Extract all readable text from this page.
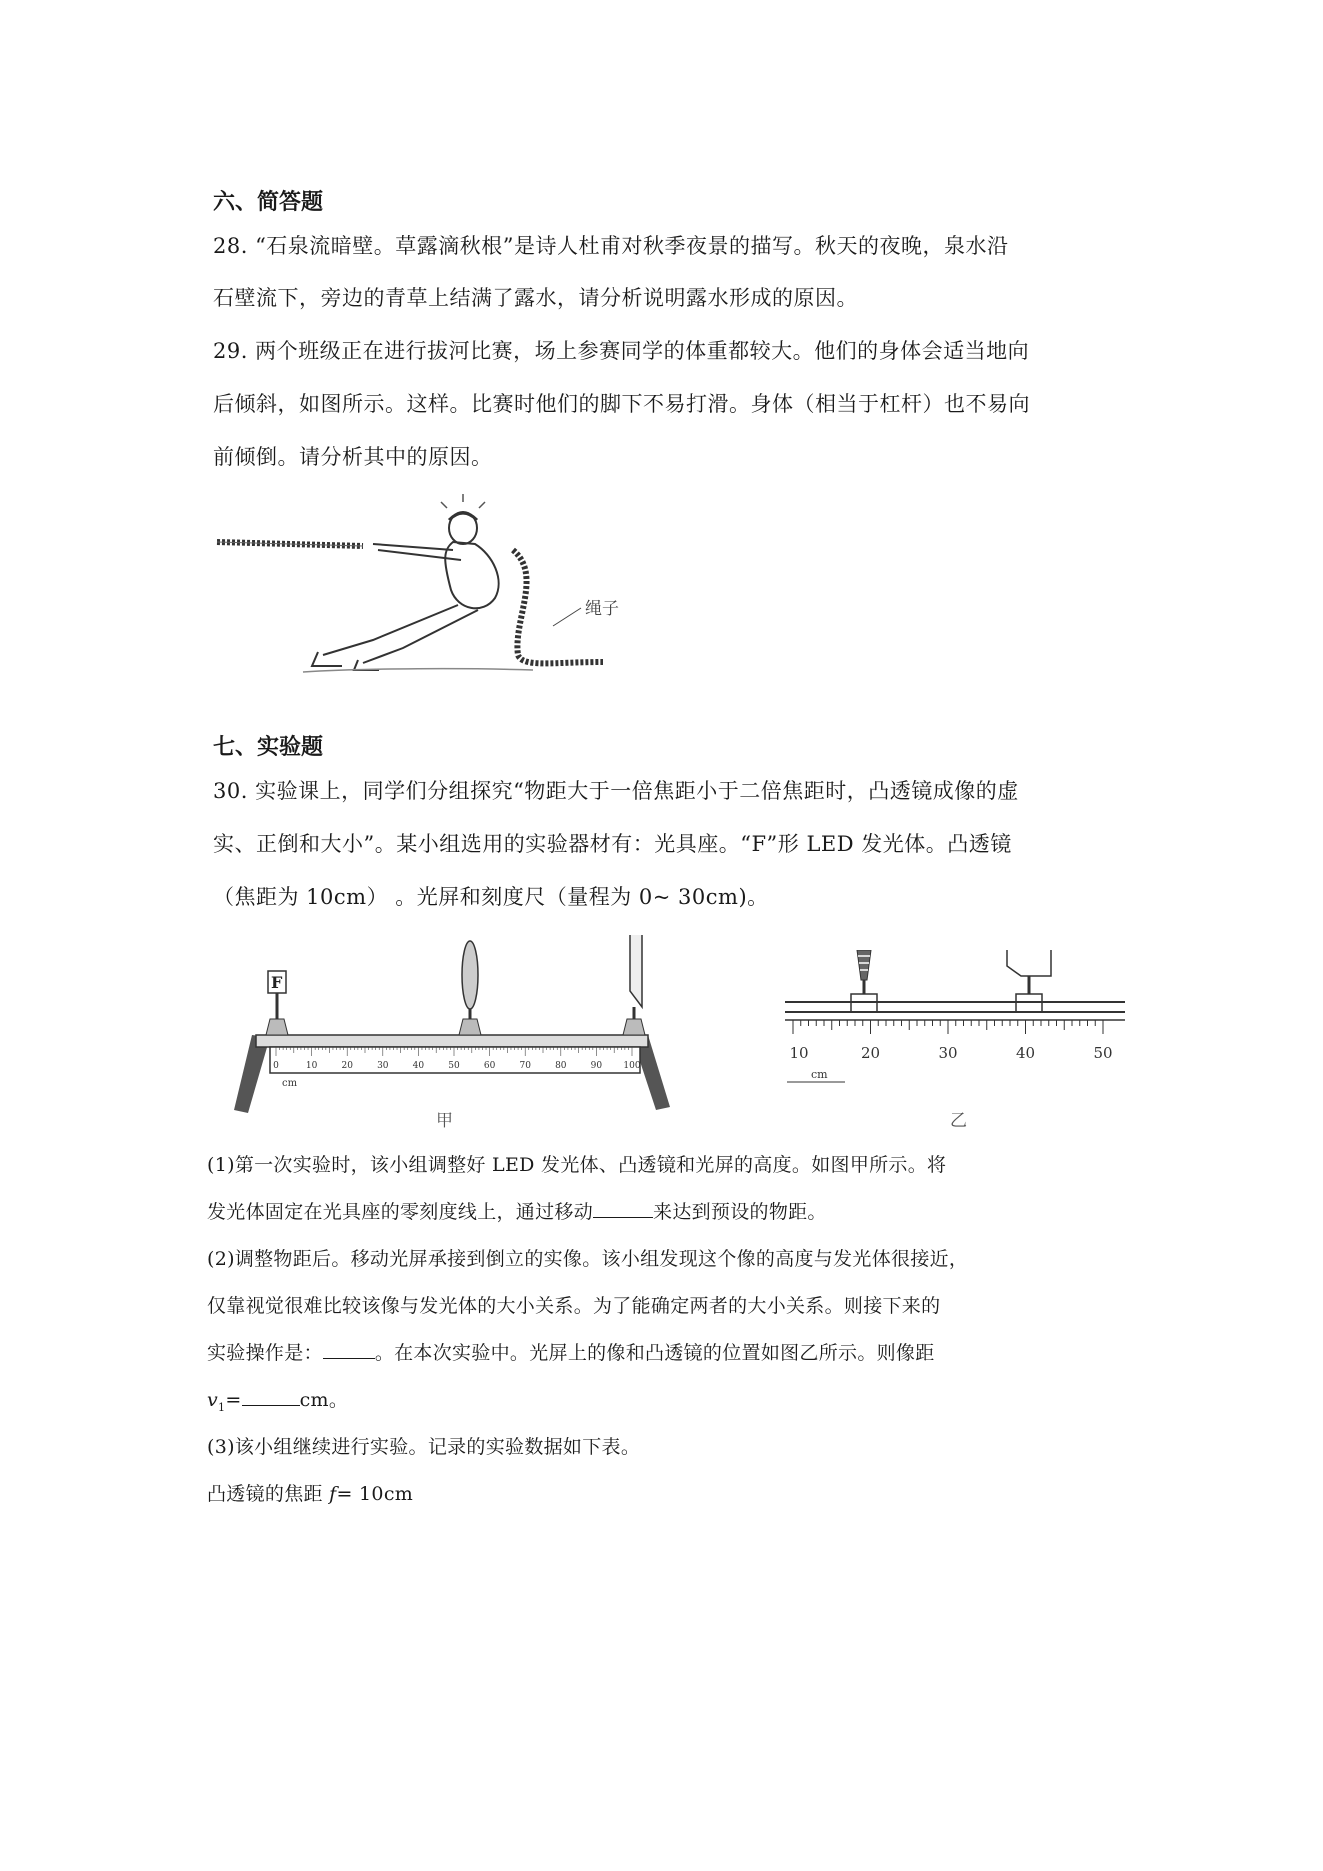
六、简答题
28. “石泉流暗壁。草露滴秋根”是诗人杜甫对秋季夜景的描写。秋天的夜晚，泉水沿
石壁流下，旁边的青草上结满了露水，请分析说明露水形成的原因。
29. 两个班级正在进行拔河比赛，场上参赛同学的体重都较大。他们的身体会适当地向
后倾斜，如图所示。这样。比赛时他们的脚下不易打滑。身体（相当于杠杆）也不易向
前倾倒。请分析其中的原因。
绳子
七、实验题
30. 实验课上，同学们分组探究“物距大于一倍焦距小于二倍焦距时，凸透镜成像的虚
实、正倒和大小”。某小组选用的实验器材有：光具座。“F”形 LED 发光体。凸透镜
（焦距为 10cm） 。光屏和刻度尺（量程为 0~ 30cm)。
0	10	20	30	40	50	60	70	80	90 100
cm
F
甲
10	20	30	40	50
cm
乙
(1)第一次实验时，该小组调整好 LED 发光体、凸透镜和光屏的高度。如图甲所示。将
发光体固定在光具座的零刻度线上，通过移动	来达到预设的物距。
(2)调整物距后。移动光屏承接到倒立的实像。该小组发现这个像的高度与发光体很接近，
仅靠视觉很难比较该像与发光体的大小关系。为了能确定两者的大小关系。则接下来的
实验操作是：	。在本次实验中。光屏上的像和凸透镜的位置如图乙所示。则像距
$v_1=$	cm。
(3)该小组继续进行实验。记录的实验数据如下表。
凸透镜的焦距 f= 10cm
